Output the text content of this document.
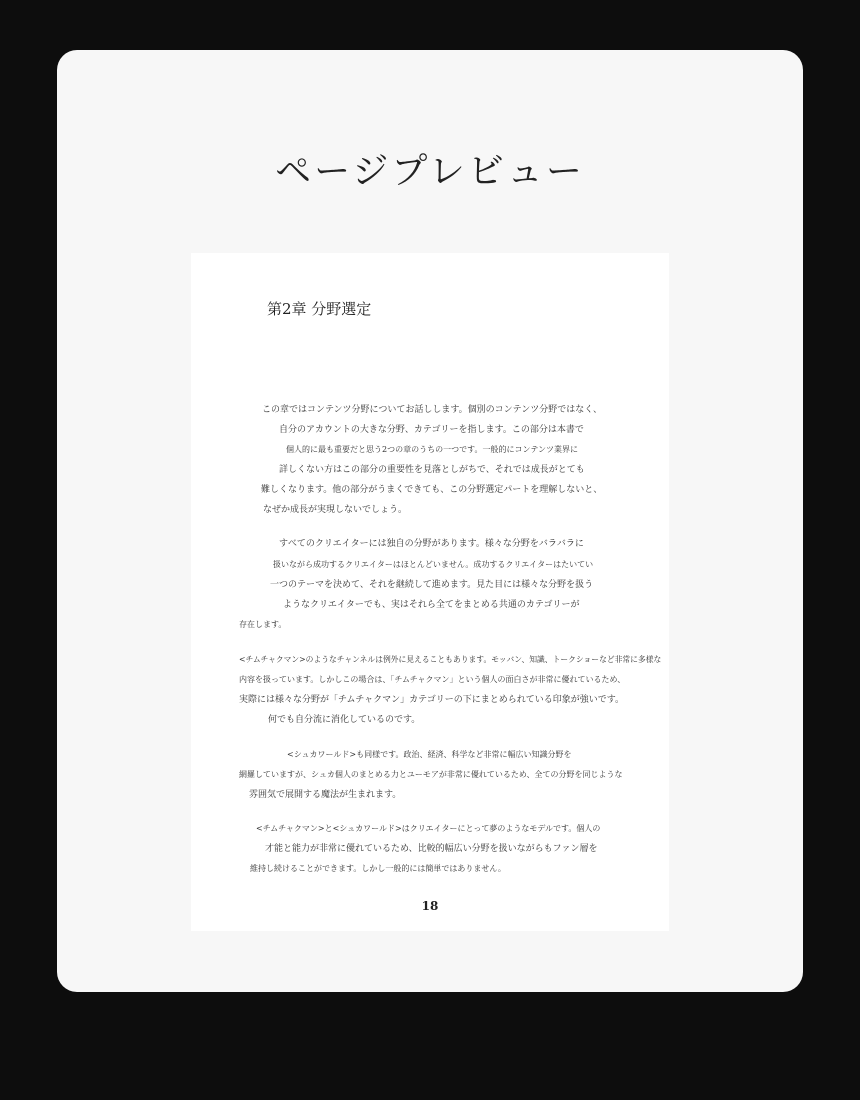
ページプレビュー
第2章 分野選定
この章ではコンテンツ分野についてお話しします。個別のコンテンツ分野ではなく、
自分のアカウントの大きな分野、カテゴリーを指します。この部分は本書で
個人的に最も重要だと思う2つの章のうちの一つです。一般的にコンテンツ業界に
詳しくない方はこの部分の重要性を見落としがちで、それでは成長がとても
難しくなります。他の部分がうまくできても、この分野選定パートを理解しないと、
なぜか成長が実現しないでしょう。
すべてのクリエイターには独自の分野があります。様々な分野をバラバラに
扱いながら成功するクリエイターはほとんどいません。成功するクリエイターはたいてい
一つのテーマを決めて、それを継続して進めます。見た目には様々な分野を扱う
ようなクリエイターでも、実はそれら全てをまとめる共通のカテゴリーが
存在します。
<チムチャクマン>のようなチャンネルは例外に見えることもあります。モッバン、知識、トークショーなど非常に多様な
内容を扱っています。しかしこの場合は、「チムチャクマン」という個人の面白さが非常に優れているため、
実際には様々な分野が「チムチャクマン」カテゴリーの下にまとめられている印象が強いです。
何でも自分流に消化しているのです。
<シュカワールド>も同様です。政治、経済、科学など非常に幅広い知識分野を
網羅していますが、シュカ個人のまとめる力とユーモアが非常に優れているため、全ての分野を同じような
雰囲気で展開する魔法が生まれます。
<チムチャクマン>と<シュカワールド>はクリエイターにとって夢のようなモデルです。個人の
才能と能力が非常に優れているため、比較的幅広い分野を扱いながらもファン層を
維持し続けることができます。しかし一般的には簡単ではありません。
18
